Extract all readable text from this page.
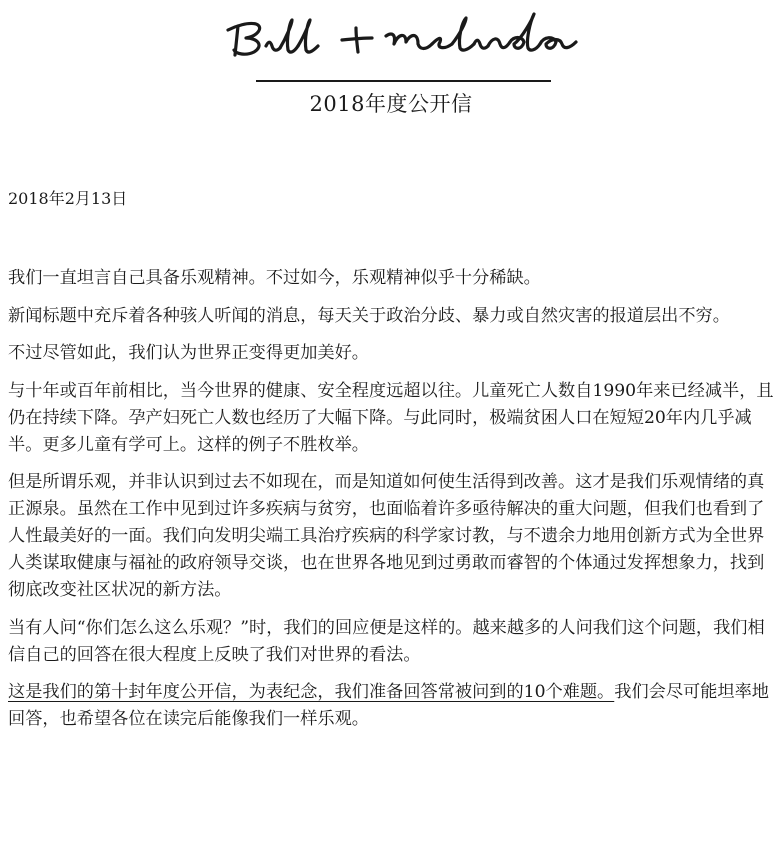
Bill + melinda
2018年度公开信
2018年2月13日

我们一直坦言自己具备乐观精神。不过如今，乐观精神似乎十分稀缺。

新闻标题中充斥着各种骇人听闻的消息，每天关于政治分歧、暴力或自然灾害的报道层出不穷。

不过尽管如此，我们认为世界正变得更加美好。

与十年或百年前相比，当今世界的健康、安全程度远超以往。儿童死亡人数自1990年来已经减半，且仍在持续下降。孕产妇死亡人数也经历了大幅下降。与此同时，极端贫困人口在短短20年内几乎减半。更多儿童有学可上。这样的例子不胜枚举。

但是所谓乐观，并非认识到过去不如现在，而是知道如何使生活得到改善。这才是我们乐观情绪的真正源泉。虽然在工作中见到过许多疾病与贫穷，也面临着许多亟待解决的重大问题，但我们也看到了人性最美好的一面。我们向发明尖端工具治疗疾病的科学家讨教，与不遗余力地用创新方式为全世界人类谋取健康与福祉的政府领导交谈，也在世界各地见到过勇敢而睿智的个体通过发挥想象力，找到彻底改变社区状况的新方法。

当有人问“你们怎么这么乐观？”时，我们的回应便是这样的。越来越多的人问我们这个问题，我们相信自己的回答在很大程度上反映了我们对世界的看法。

这是我们的第十封年度公开信，为表纪念，我们准备回答常被问到的10个难题。我们会尽可能坦率地回答，也希望各位在读完后能像我们一样乐观。
